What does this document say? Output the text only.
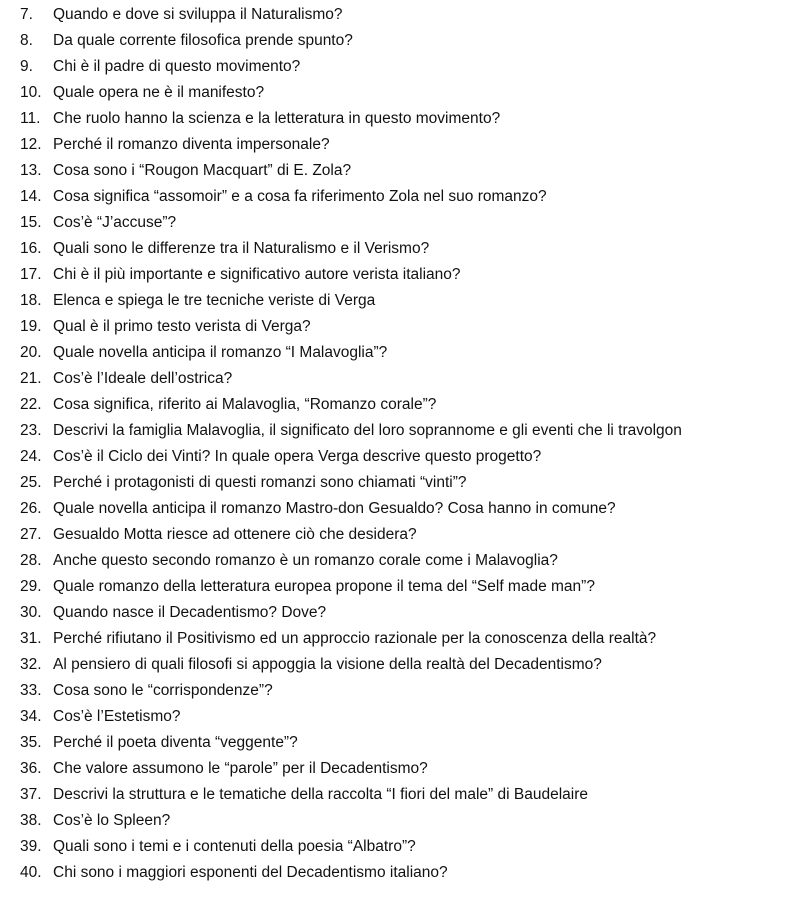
7.	Quando e dove si sviluppa il Naturalismo?
8.	Da quale corrente filosofica prende spunto?
9.	Chi è il padre di questo movimento?
10. Quale opera ne è il manifesto?
11. Che ruolo hanno la scienza e la letteratura in questo movimento?
12. Perché il romanzo diventa impersonale?
13. Cosa sono i “Rougon Macquart” di E. Zola?
14. Cosa significa “assomoir” e a cosa fa riferimento Zola nel suo romanzo?
15. Cos’è “J’accuse”?
16. Quali sono le differenze tra il Naturalismo e il Verismo?
17. Chi è il più importante e significativo autore verista italiano?
18. Elenca e spiega le tre tecniche veriste di Verga
19. Qual è il primo testo verista di Verga?
20. Quale novella anticipa il romanzo “I Malavoglia”?
21. Cos’è l’Ideale dell’ostrica?
22. Cosa significa, riferito ai Malavoglia, “Romanzo corale”?
23. Descrivi la famiglia Malavoglia, il significato del loro soprannome e gli eventi che li travolgon
24. Cos’è il Ciclo dei Vinti? In quale opera Verga descrive questo progetto?
25. Perché i protagonisti di questi romanzi sono chiamati “vinti”?
26. Quale novella anticipa il romanzo Mastro-don Gesualdo? Cosa hanno in comune?
27. Gesualdo Motta riesce ad ottenere ciò che desidera?
28. Anche questo secondo romanzo è un romanzo corale come i Malavoglia?
29. Quale romanzo della letteratura europea propone il tema del “Self made man”?
30. Quando nasce il Decadentismo? Dove?
31. Perché rifiutano il Positivismo ed un approccio razionale per la conoscenza della realtà?
32. Al pensiero di quali filosofi si appoggia la visione della realtà del Decadentismo?
33. Cosa sono le “corrispondenze”?
34. Cos’è l’Estetismo?
35. Perché il poeta diventa “veggente”?
36. Che valore assumono le “parole” per il Decadentismo?
37. Descrivi la struttura e le tematiche della raccolta “I fiori del male” di Baudelaire
38. Cos’è lo Spleen?
39. Quali sono i temi e i contenuti della poesia “Albatro”?
40. Chi sono i maggiori esponenti del Decadentismo italiano?
